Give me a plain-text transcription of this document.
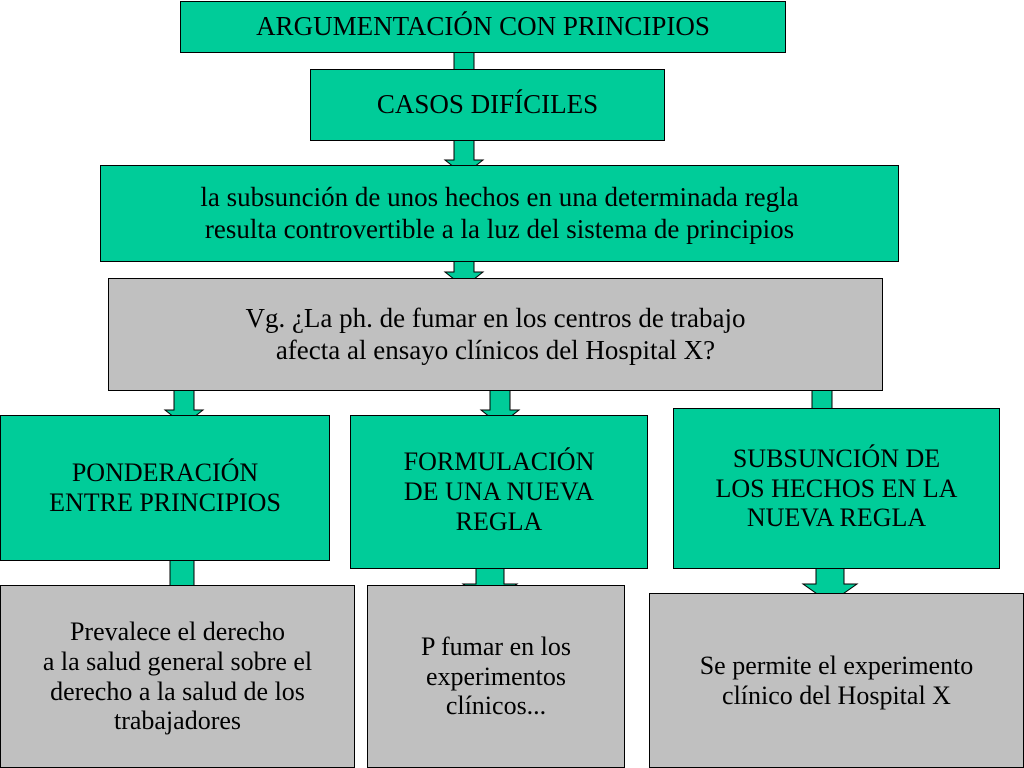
ARGUMENTACIÓN CON PRINCIPIOS
CASOS DIFÍCILES
la subsunción de unos hechos en una determinada regla
resulta controvertible a la luz del sistema de principios
Vg. ¿La ph. de fumar en los centros de trabajo
afecta al ensayo clínicos del Hospital X?
PONDERACIÓN
ENTRE PRINCIPIOS
FORMULACIÓN
DE UNA NUEVA
REGLA
SUBSUNCIÓN DE
LOS HECHOS EN LA
NUEVA REGLA
Prevalece el derecho
a la salud general sobre el
derecho a la salud de los
trabajadores
P fumar en los
experimentos
clínicos...
Se permite el experimento
clínico del Hospital X
